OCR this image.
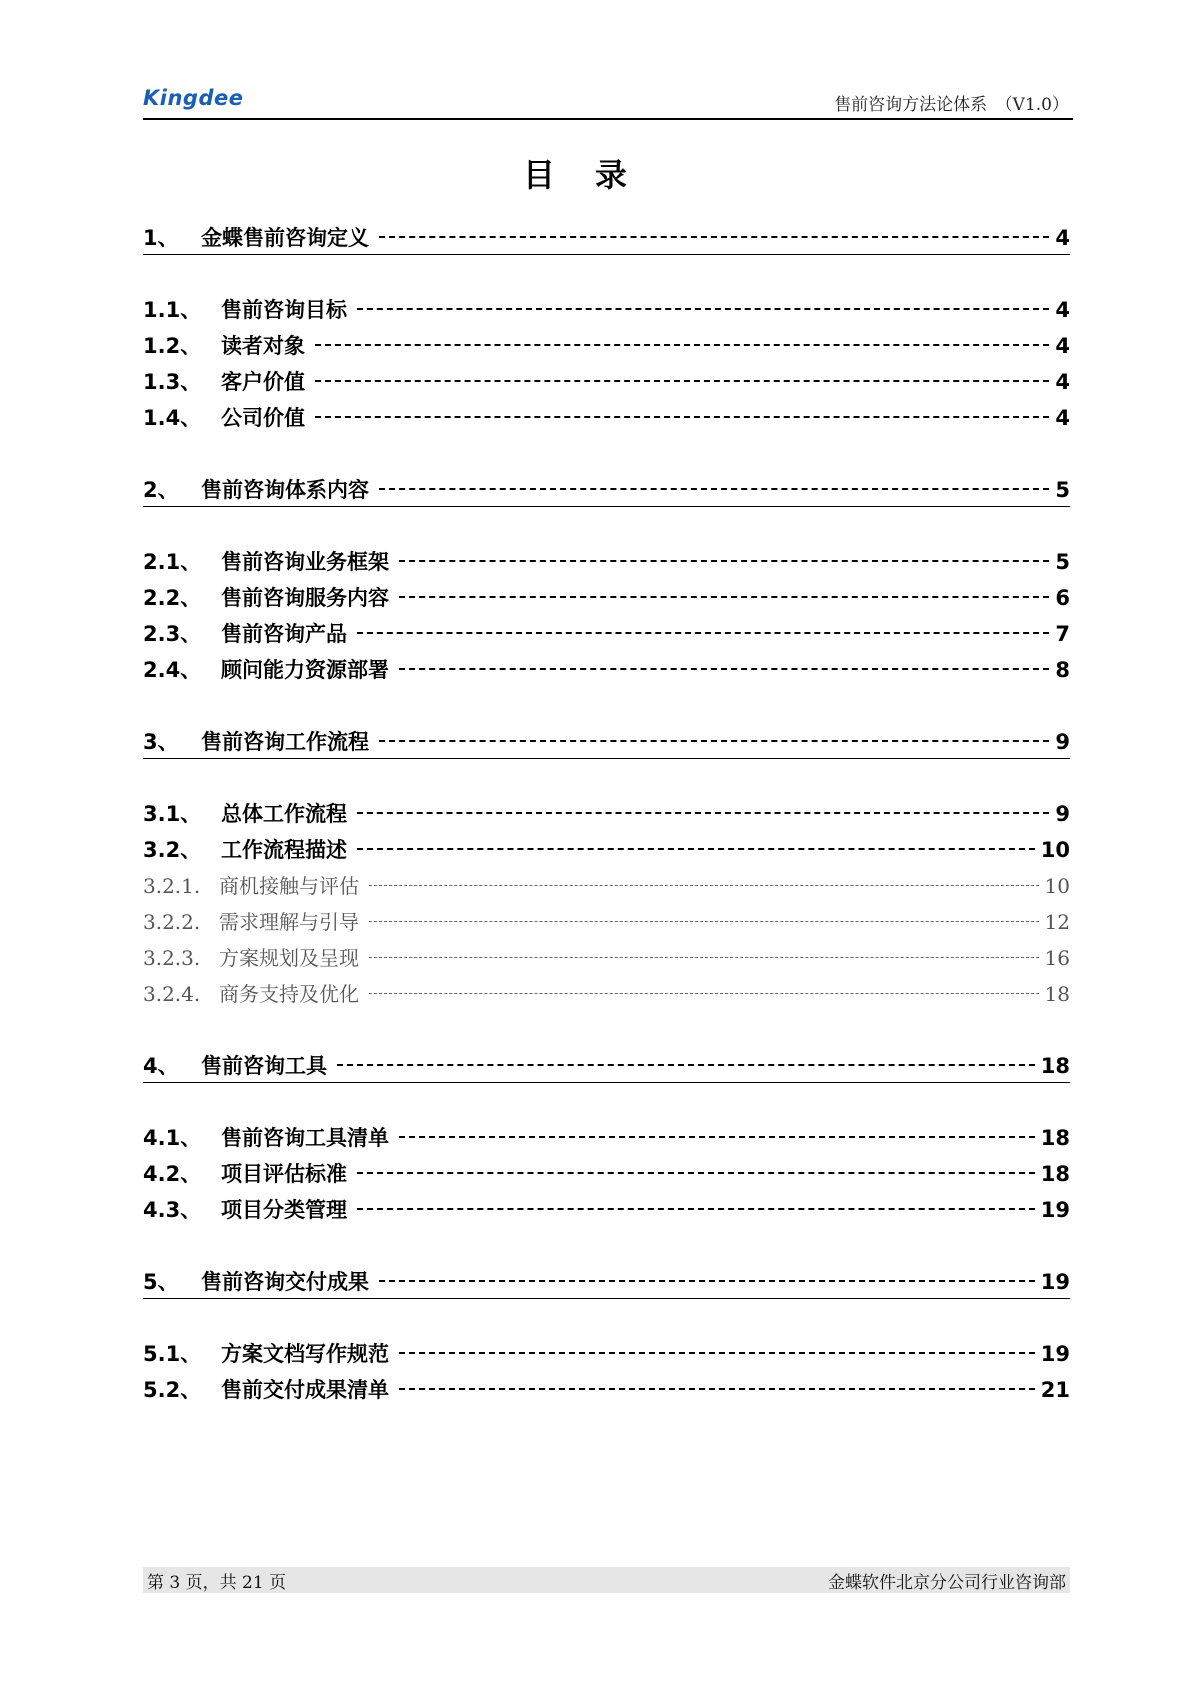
Kingdee	售前咨询方法论体系　（V1.0）
目录
1、	金蝶售前咨询定义	4
1.1、 售前咨询目标	4
1.2、 读者对象	4
1.3、 客户价值	4
1.4、 公司价值	4
2、	售前咨询体系内容	5
2.1、 售前咨询业务框架	5
2.2、 售前咨询服务内容	6
2.3、 售前咨询产品	7
2.4、 顾问能力资源部署	8
3、	售前咨询工作流程	9
3.1、 总体工作流程	9
3.2、 工作流程描述	10
3.2.1. 商机接触与评估	10
3.2.2. 需求理解与引导	12
3.2.3. 方案规划及呈现	16
3.2.4. 商务支持及优化	18
4、	售前咨询工具	18
4.1、 售前咨询工具清单	18
4.2、 项目评估标准	18
4.3、 项目分类管理	19
5、	售前咨询交付成果	19
5.1、 方案文档写作规范	19
5.2、 售前交付成果清单	21
第 3 页，共 21 页	金蝶软件北京分公司行业咨询部
